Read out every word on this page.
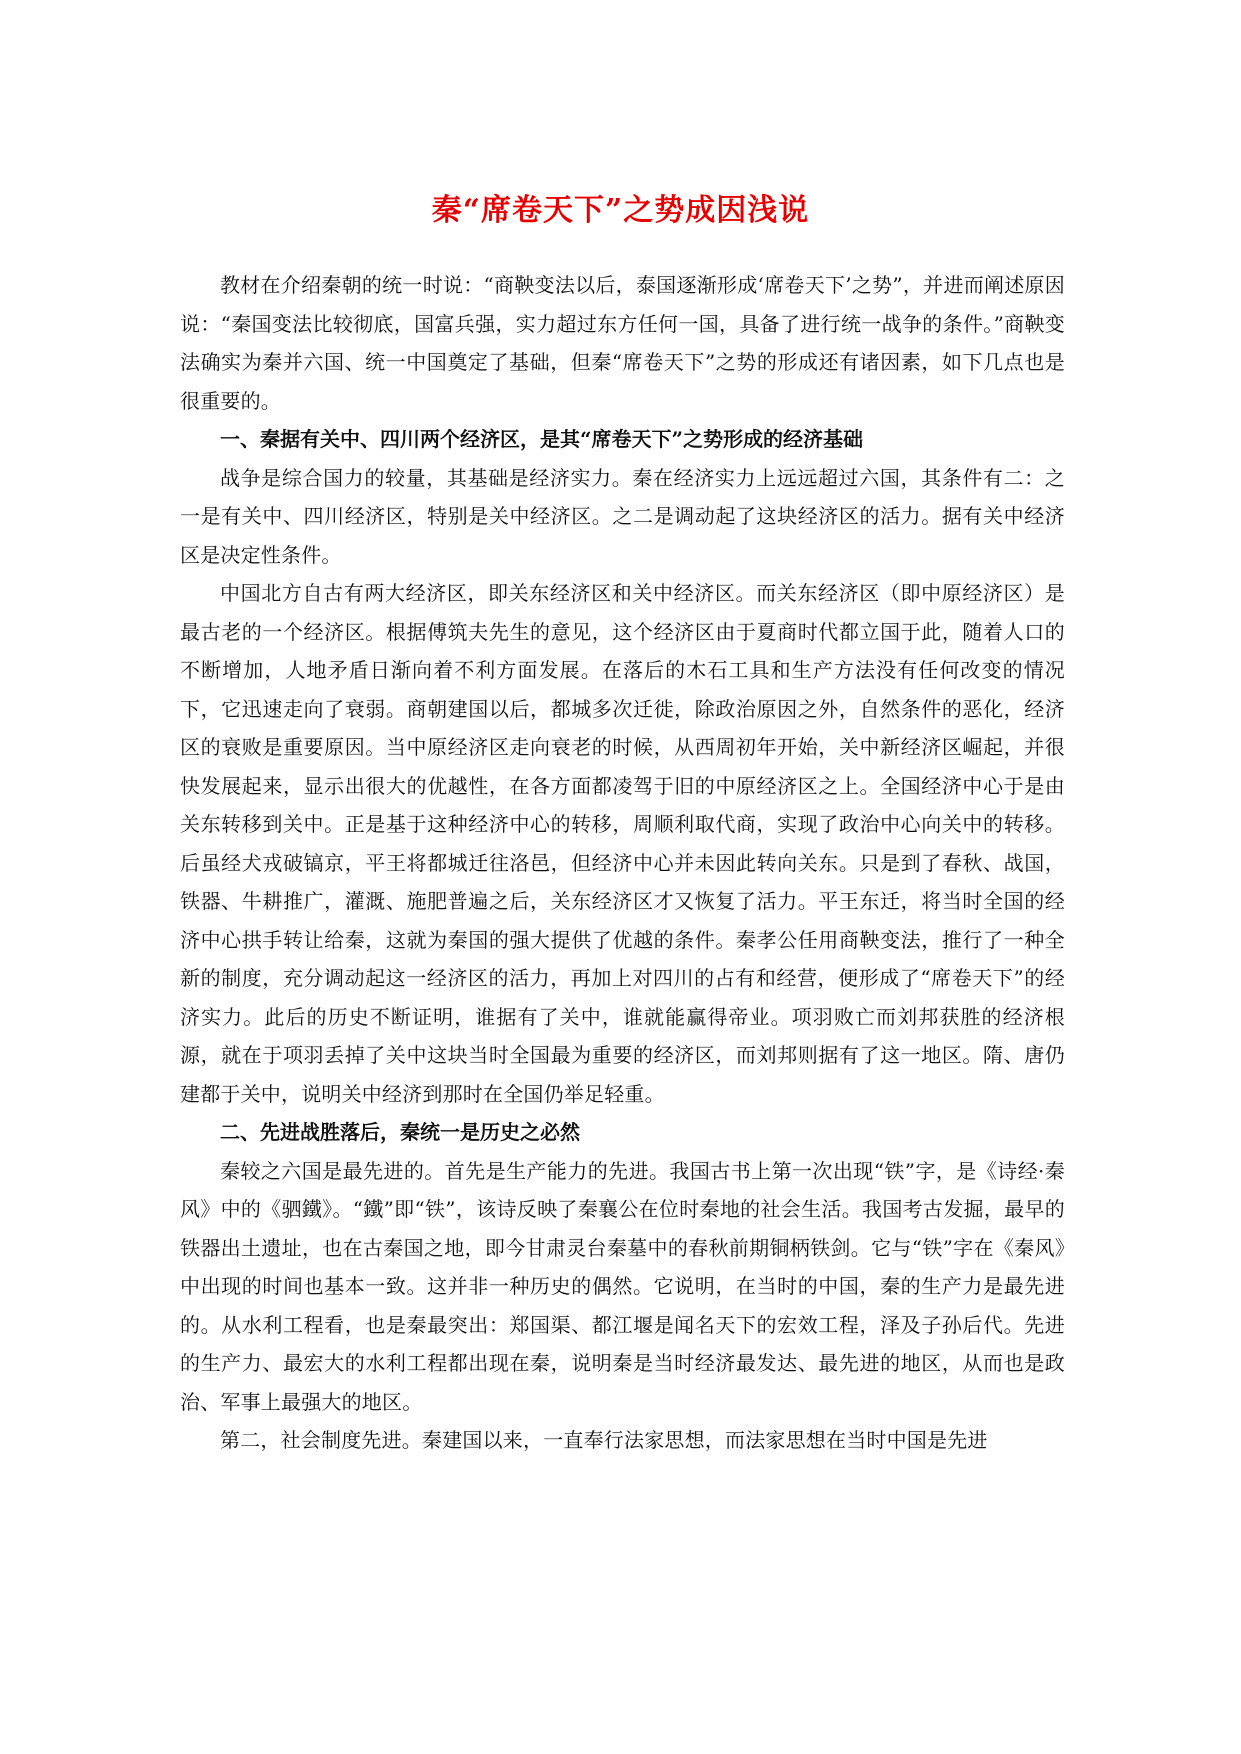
秦“席卷天下”之势成因浅说

教材在介绍秦朝的统一时说：“商鞅变法以后，泰国逐渐形成‘席卷天下’之势”，并进而阐述原因说：“秦国变法比较彻底，国富兵强，实力超过东方任何一国，具备了进行统一战争的条件。”商鞅变法确实为秦并六国、统一中国奠定了基础，但秦“席卷天下”之势的形成还有诸因素，如下几点也是很重要的。

一、秦据有关中、四川两个经济区，是其“席卷天下”之势形成的经济基础

战争是综合国力的较量，其基础是经济实力。秦在经济实力上远远超过六国，其条件有二：之一是有关中、四川经济区，特别是关中经济区。之二是调动起了这块经济区的活力。据有关中经济区是决定性条件。

中国北方自古有两大经济区，即关东经济区和关中经济区。而关东经济区（即中原经济区）是最古老的一个经济区。根据傅筑夫先生的意见，这个经济区由于夏商时代都立国于此，随着人口的不断增加，人地矛盾日渐向着不利方面发展。在落后的木石工具和生产方法没有任何改变的情况下，它迅速走向了衰弱。商朝建国以后，都城多次迁徙，除政治原因之外，自然条件的恶化，经济区的衰败是重要原因。当中原经济区走向衰老的时候，从西周初年开始，关中新经济区崛起，并很快发展起来，显示出很大的优越性，在各方面都凌驾于旧的中原经济区之上。全国经济中心于是由关东转移到关中。正是基于这种经济中心的转移，周顺利取代商，实现了政治中心向关中的转移。后虽经犬戎破镐京，平王将都城迁往洛邑，但经济中心并未因此转向关东。只是到了春秋、战国，铁器、牛耕推广，灌溉、施肥普遍之后，关东经济区才又恢复了活力。平王东迁，将当时全国的经济中心拱手转让给秦，这就为秦国的强大提供了优越的条件。秦孝公任用商鞅变法，推行了一种全新的制度，充分调动起这一经济区的活力，再加上对四川的占有和经营，便形成了“席卷天下”的经济实力。此后的历史不断证明，谁据有了关中，谁就能赢得帝业。项羽败亡而刘邦获胜的经济根源，就在于项羽丢掉了关中这块当时全国最为重要的经济区，而刘邦则据有了这一地区。隋、唐仍建都于关中，说明关中经济到那时在全国仍举足轻重。

二、先进战胜落后，秦统一是历史之必然

秦较之六国是最先进的。首先是生产能力的先进。我国古书上第一次出现“铁”字，是《诗经·秦风》中的《驷鐵》。“鐵”即“铁”，该诗反映了秦襄公在位时秦地的社会生活。我国考古发掘，最早的铁器出土遗址，也在古秦国之地，即今甘肃灵台秦墓中的春秋前期铜柄铁剑。它与“铁”字在《秦风》中出现的时间也基本一致。这并非一种历史的偶然。它说明，在当时的中国，秦的生产力是最先进的。从水利工程看，也是秦最突出：郑国渠、都江堰是闻名天下的宏效工程，泽及子孙后代。先进的生产力、最宏大的水利工程都出现在秦，说明秦是当时经济最发达、最先进的地区，从而也是政治、军事上最强大的地区。

第二，社会制度先进。秦建国以来，一直奉行法家思想，而法家思想在当时中国是先进
